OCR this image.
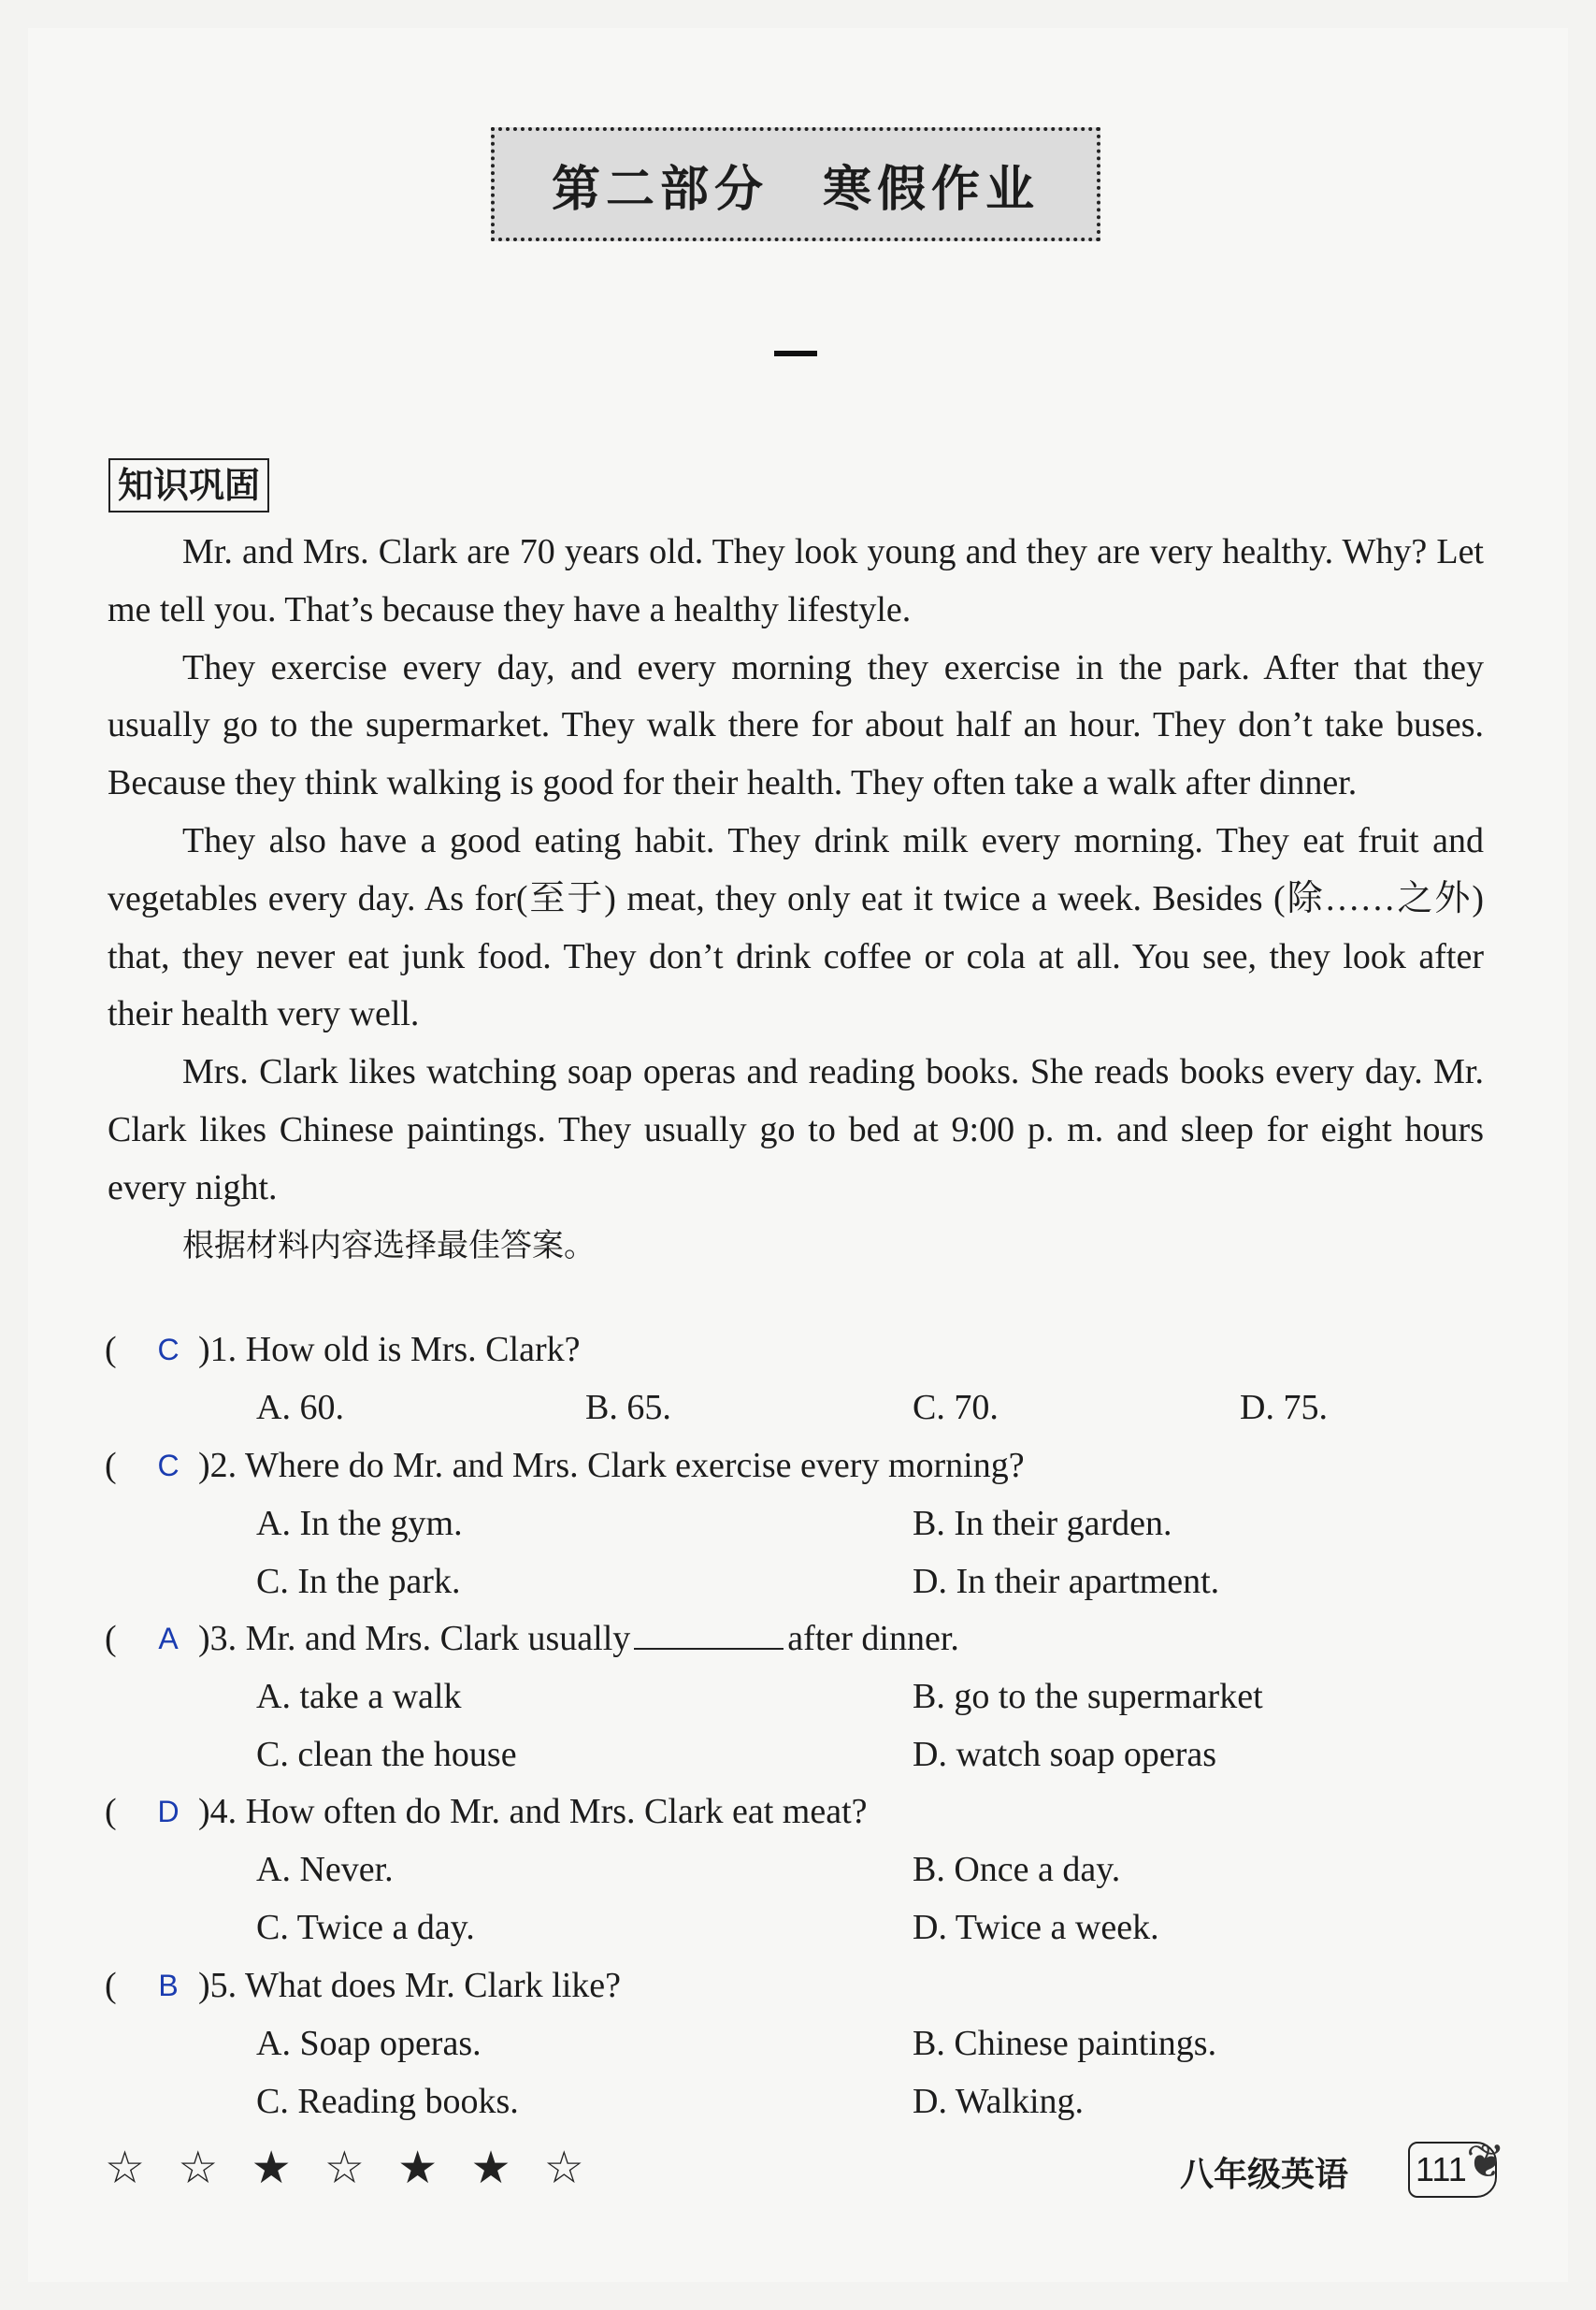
第二部分　寒假作业
知识巩固

Mr. and Mrs. Clark are 70 years old. They look young and they are very healthy. Why? Let me tell you. That’s because they have a healthy lifestyle.

They exercise every day, and every morning they exercise in the park. After that they usually go to the supermarket. They walk there for about half an hour. They don’t take buses. Because they think walking is good for their health. They often take a walk after dinner.

They also have a good eating habit. They drink milk every morning. They eat fruit and vegetables every day. As for(至于) meat, they only eat it twice a week. Besides (除……之外) that, they never eat junk food. They don’t drink coffee or cola at all. You see, they look after their health very well.

Mrs. Clark likes watching soap operas and reading books. She reads books every day. Mr. Clark likes Chinese paintings. They usually go to bed at 9:00 p. m. and sleep for eight hours every night.

根据材料内容选择最佳答案。

( C )1. How old is Mrs. Clark?
A. 60.	B. 65.	C. 70.	D. 75.
( C )2. Where do Mr. and Mrs. Clark exercise every morning?
A. In the gym.	B. In their garden.
C. In the park.	D. In their apartment.
( A )3. Mr. and Mrs. Clark usually	after dinner.
A. take a walk	B. go to the supermarket
C. clean the house	D. watch soap operas
( D )4. How often do Mr. and Mrs. Clark eat meat?
A. Never.	B. Once a day.
C. Twice a day.	D. Twice a week.
( B )5. What does Mr. Clark like?
A. Soap operas.	B. Chinese paintings.
C. Reading books.	D. Walking.
☆ ☆ ★ ☆ ★ ★ ☆	八年级英语 111 ❦
